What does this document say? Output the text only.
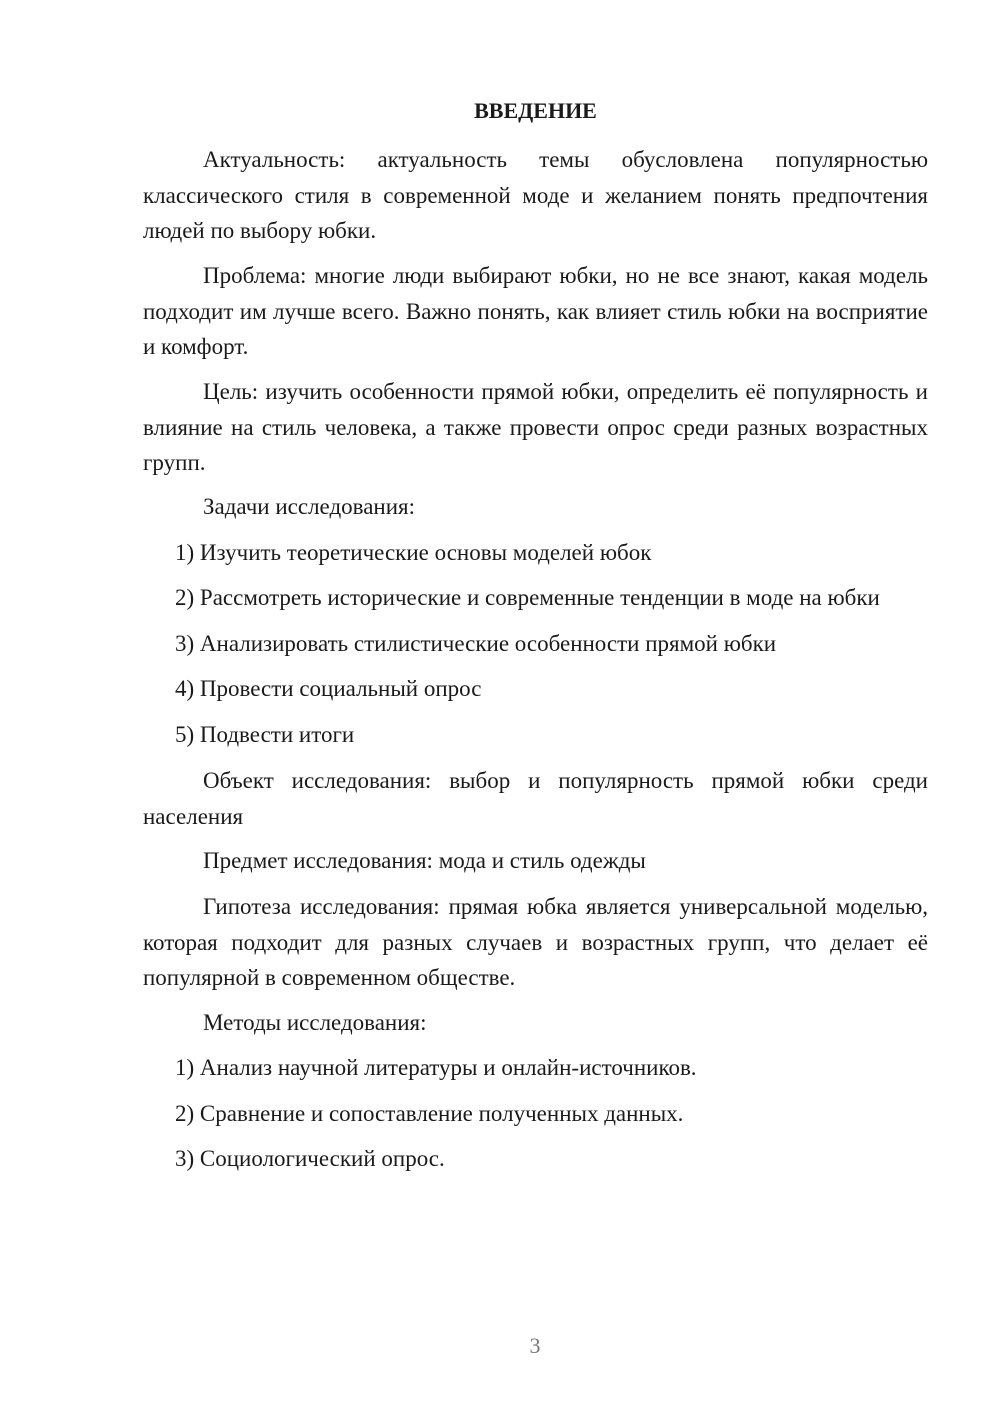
ВВЕДЕНИЕ

Актуальность: актуальность темы обусловлена популярностью классического стиля в современной моде и желанием понять предпочтения людей по выбору юбки.

Проблема: многие люди выбирают юбки, но не все знают, какая модель подходит им лучше всего. Важно понять, как влияет стиль юбки на восприятие и комфорт.

Цель: изучить особенности прямой юбки, определить её популярность и влияние на стиль человека, а также провести опрос среди разных возрастных групп.

Задачи исследования:

1) Изучить теоретические основы моделей юбок

2) Рассмотреть исторические и современные тенденции в моде на юбки

3) Анализировать стилистические особенности прямой юбки

4) Провести социальный опрос

5) Подвести итоги

Объект исследования: выбор и популярность прямой юбки среди населения

Предмет исследования: мода и стиль одежды

Гипотеза исследования: прямая юбка является универсальной моделью, которая подходит для разных случаев и возрастных групп, что делает её популярной в современном обществе.

Методы исследования:

1) Анализ научной литературы и онлайн-источников.

2) Сравнение и сопоставление полученных данных.

3) Социологический опрос.

3
